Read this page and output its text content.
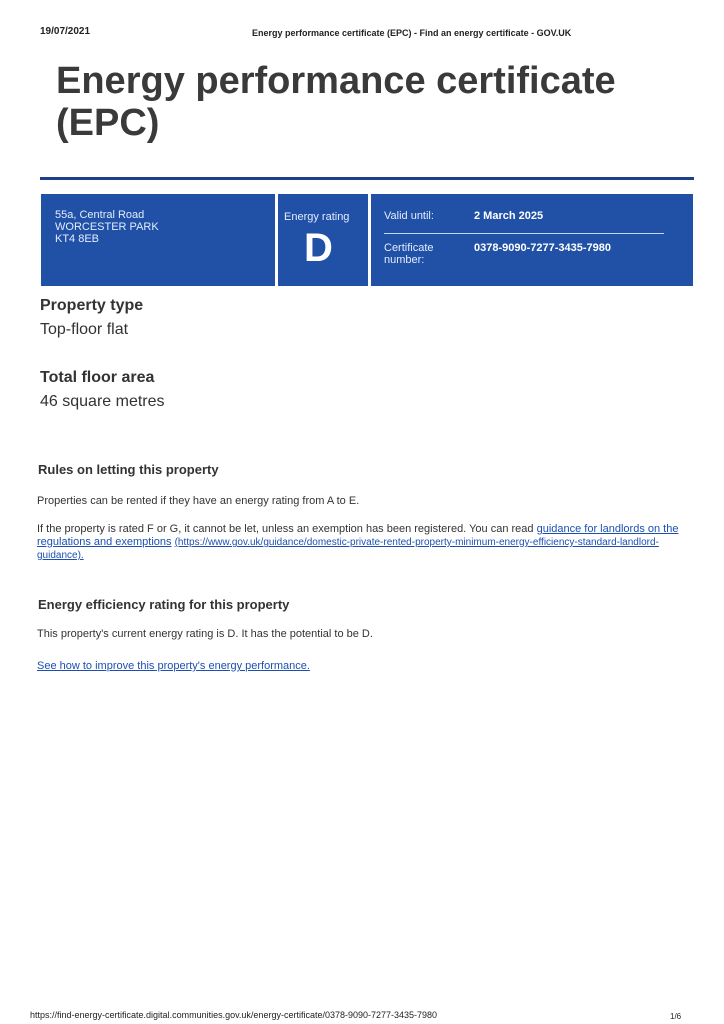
19/07/2021	Energy performance certificate (EPC) - Find an energy certificate - GOV.UK
Energy performance certificate (EPC)
55a, Central Road
WORCESTER PARK
KT4 8EB
Energy rating
D
Valid until:	2 March 2025
Certificate number:
0378-9090-7277-3435-7980
Property type
Top-floor flat
Total floor area
46 square metres
Rules on letting this property
Properties can be rented if they have an energy rating from A to E.
If the property is rated F or G, it cannot be let, unless an exemption has been registered. You can read guidance for landlords on the regulations and exemptions (https://www.gov.uk/guidance/domestic-private-rented-property-minimum-energy-efficiency-standard-landlord-guidance).
Energy efficiency rating for this property
This property's current energy rating is D. It has the potential to be D.
See how to improve this property's energy performance.
https://find-energy-certificate.digital.communities.gov.uk/energy-certificate/0378-9090-7277-3435-7980	1/6
